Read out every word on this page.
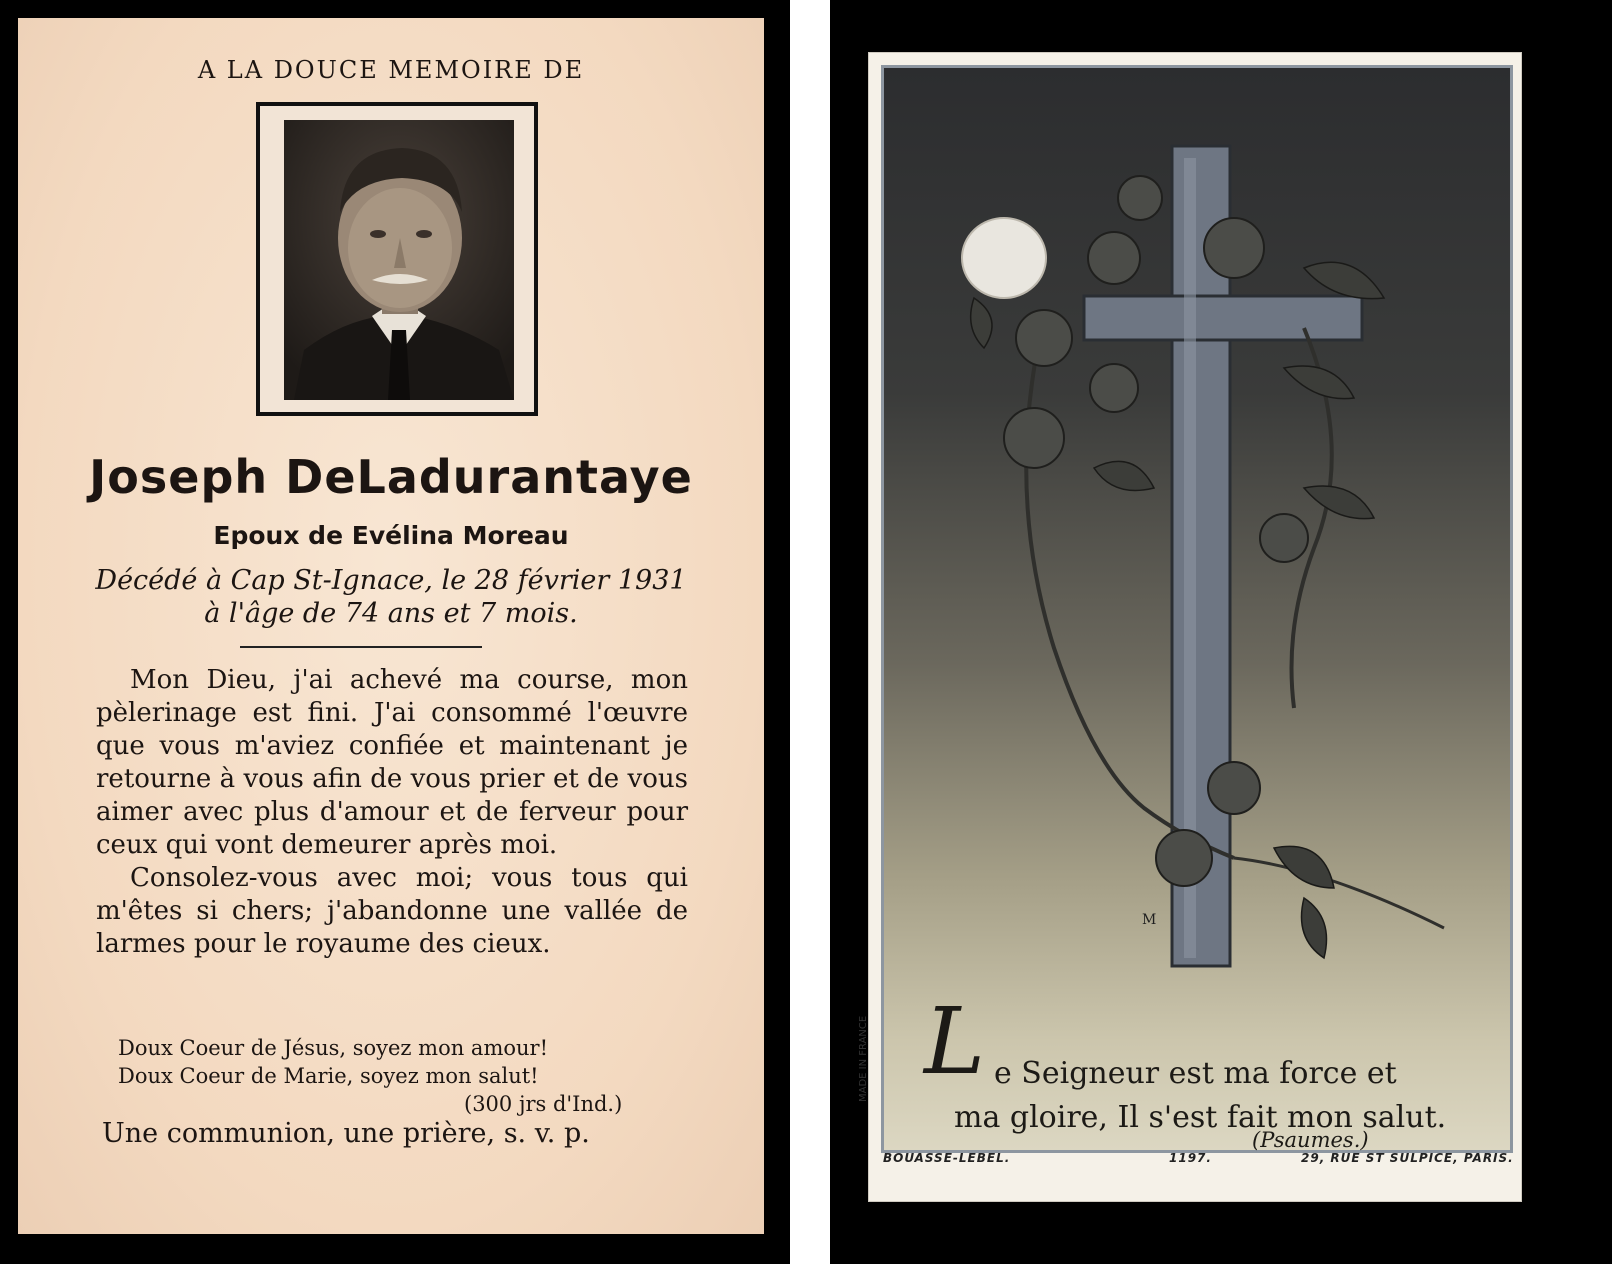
A LA DOUCE MEMOIRE DE
Joseph DeLadurantaye
Epoux de Evélina Moreau
Décédé à Cap St-Ignace, le 28 février 1931
à l'âge de 74 ans et 7 mois.

Mon Dieu, j'ai achevé ma course, mon pèlerinage est fini. J'ai consommé l'œuvre que vous m'aviez confiée et maintenant je retourne à vous afin de vous prier et de vous aimer avec plus d'amour et de ferveur pour ceux qui vont demeurer après moi.

Consolez-vous avec moi; vous tous qui m'êtes si chers; j'abandonne une vallée de larmes pour le royaume des cieux.

Doux Coeur de Jésus, soyez mon amour!
Doux Coeur de Marie, soyez mon salut!
(300 jrs d'Ind.)
Une communion, une prière, s. v. p.
M
MADE IN FRANCE L e Seigneur est ma force et
ma gloire, Il s'est fait mon salut.
(Psaumes.)
BOUASSE-LEBEL.	1197.	29, RUE ST SULPICE, PARIS.
